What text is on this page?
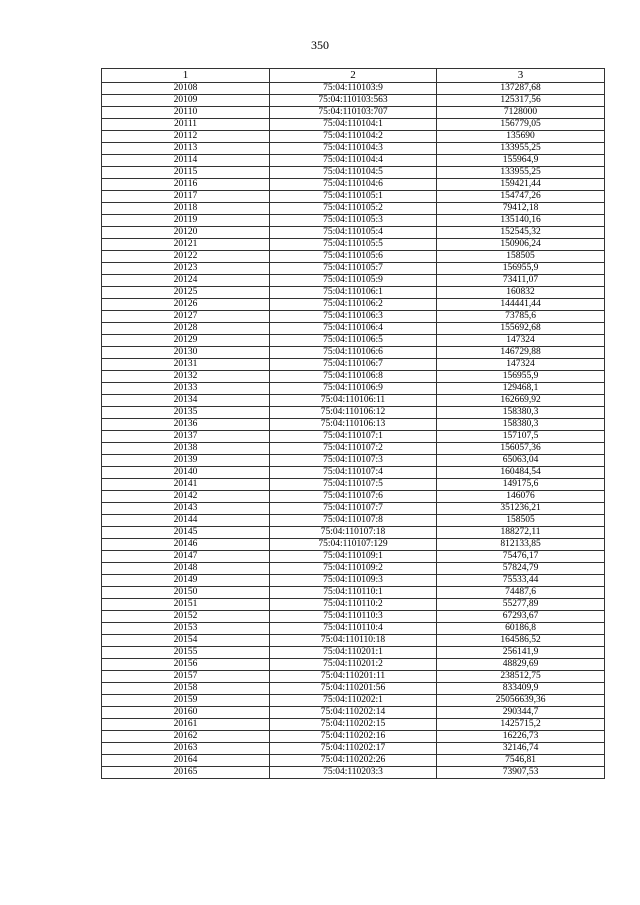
350
1	2	3
20108	75:04:110103:9	137287,68
20109	75:04:110103:563	125317,56
20110	75:04:110103:707	7128000
20111	75:04:110104:1	156779,05
20112	75:04:110104:2	135690
20113	75:04:110104:3	133955,25
20114	75:04:110104:4	155964,9
20115	75:04:110104:5	133955,25
20116	75:04:110104:6	159421,44
20117	75:04:110105:1	154747,26
20118	75:04:110105:2	79412,18
20119	75:04:110105:3	135140,16
20120	75:04:110105:4	152545,32
20121	75:04:110105:5	150906,24
20122	75:04:110105:6	158505
20123	75:04:110105:7	156955,9
20124	75:04:110105:9	73411,07
20125	75:04:110106:1	160832
20126	75:04:110106:2	144441,44
20127	75:04:110106:3	73785,6
20128	75:04:110106:4	155692,68
20129	75:04:110106:5	147324
20130	75:04:110106:6	146729,88
20131	75:04:110106:7	147324
20132	75:04:110106:8	156955,9
20133	75:04:110106:9	129468,1
20134	75:04:110106:11	162669,92
20135	75:04:110106:12	158380,3
20136	75:04:110106:13	158380,3
20137	75:04:110107:1	157107,5
20138	75:04:110107:2	156057,36
20139	75:04:110107:3	65063,04
20140	75:04:110107:4	160484,54
20141	75:04:110107:5	149175,6
20142	75:04:110107:6	146076
20143	75:04:110107:7	351236,21
20144	75:04:110107:8	158505
20145	75:04:110107:18	188272,11
20146	75:04:110107:129	812133,85
20147	75:04:110109:1	75476,17
20148	75:04:110109:2	57824,79
20149	75:04:110109:3	75533,44
20150	75:04:110110:1	74487,6
20151	75:04:110110:2	55277,89
20152	75:04:110110:3	67293,67
20153	75:04:110110:4	60186,8
20154	75:04:110110:18	164586,52
20155	75:04:110201:1	256141,9
20156	75:04:110201:2	48829,69
20157	75:04:110201:11	238512,75
20158	75:04:110201:56	833409,9
20159	75:04:110202:1	25056639,36
20160	75:04:110202:14	290344,7
20161	75:04:110202:15	1425715,2
20162	75:04:110202:16	16226,73
20163	75:04:110202:17	32146,74
20164	75:04:110202:26	7546,81
20165	75:04:110203:3	73907,53
